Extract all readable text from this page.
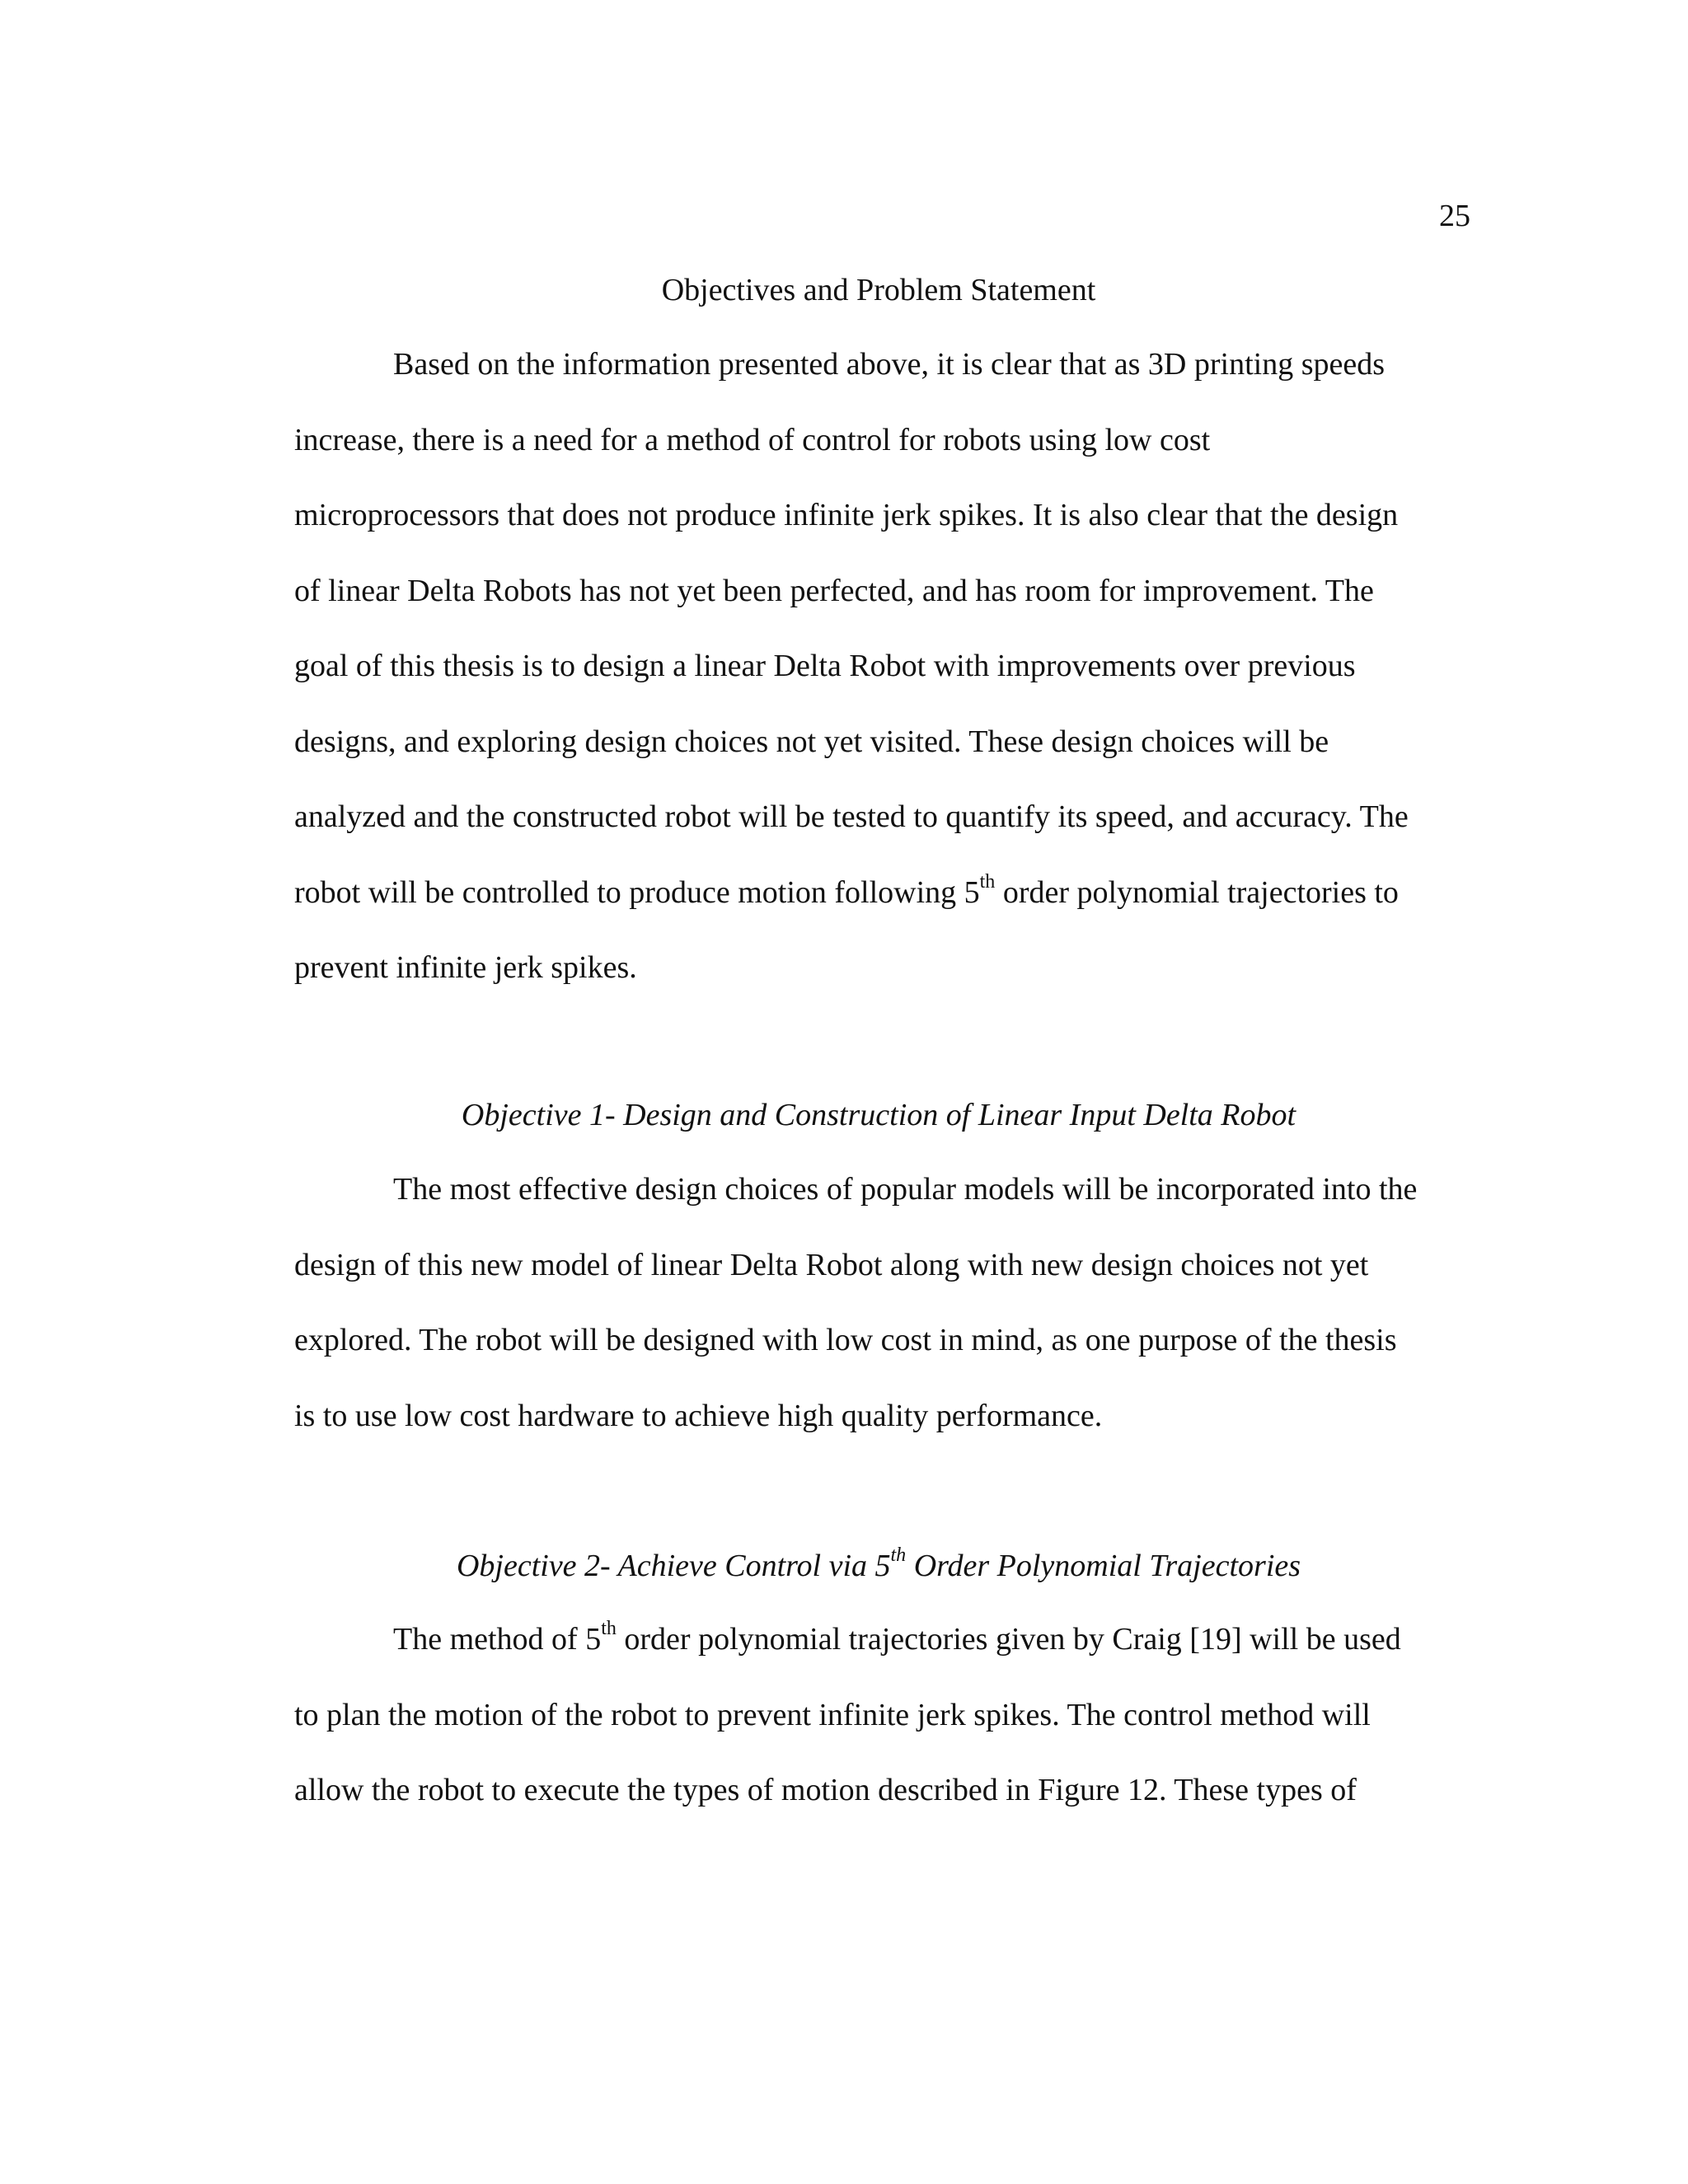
25
Objectives and Problem Statement
Based on the information presented above, it is clear that as 3D printing speeds
increase, there is a need for a method of control for robots using low cost
microprocessors that does not produce infinite jerk spikes. It is also clear that the design
of linear Delta Robots has not yet been perfected, and has room for improvement. The
goal of this thesis is to design a linear Delta Robot with improvements over previous
designs, and exploring design choices not yet visited. These design choices will be
analyzed and the constructed robot will be tested to quantify its speed, and accuracy. The
robot will be controlled to produce motion following 5th order polynomial trajectories to
prevent infinite jerk spikes.
Objective 1- Design and Construction of Linear Input Delta Robot
The most effective design choices of popular models will be incorporated into the
design of this new model of linear Delta Robot along with new design choices not yet
explored. The robot will be designed with low cost in mind, as one purpose of the thesis
is to use low cost hardware to achieve high quality performance.
Objective 2- Achieve Control via 5th Order Polynomial Trajectories
The method of 5th order polynomial trajectories given by Craig [19] will be used
to plan the motion of the robot to prevent infinite jerk spikes. The control method will
allow the robot to execute the types of motion described in Figure 12. These types of
